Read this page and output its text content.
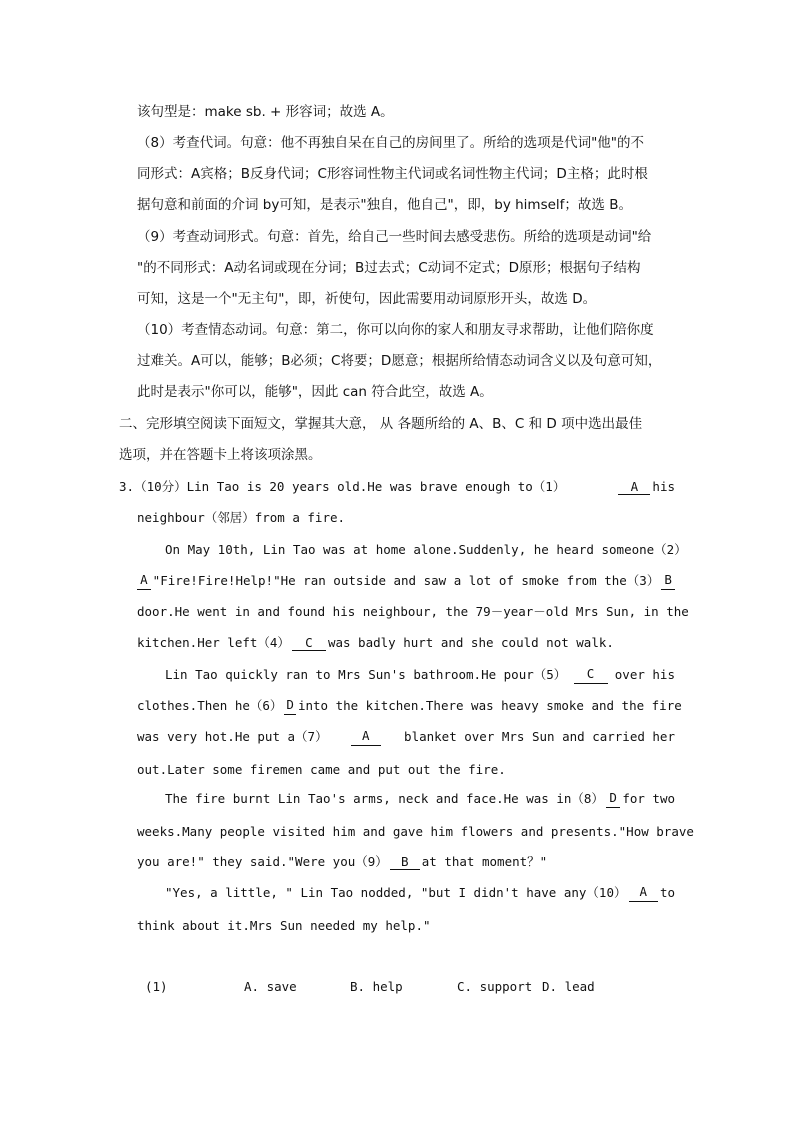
该句型是：make sb. + 形容词；故选 A。
（8）考查代词。句意：他不再独自呆在自己的房间里了。所给的选项是代词"他"的不
同形式：A宾格；B反身代词；C形容词性物主代词或名词性物主代词；D主格；此时根
据句意和前面的介词 by可知，是表示"独自，他自己"，即，by himself；故选 B。
（9）考查动词形式。句意：首先，给自己一些时间去感受悲伤。所给的选项是动词"给
"的不同形式：A动名词或现在分词；B过去式；C动词不定式；D原形；根据句子结构
可知，这是一个"无主句"，即，祈使句，因此需要用动词原形开头，故选 D。
（10）考查情态动词。句意：第二，你可以向你的家人和朋友寻求帮助，让他们陪你度
过难关。A可以，能够；B必须；C将要；D愿意；根据所给情态动词含义以及句意可知，
此时是表示"你可以，能够"，因此 can 符合此空，故选 A。
二、完形填空阅读下面短文，掌握其大意， 从 各题所给的 A、B、C 和 D 项中选出最佳
选项，并在答题卡上将该项涂黑。
3.（10分）Lin Tao is 20 years old.He was brave enough to（1）	A his
neighbour（邻居）from a fire.
On May 10th, Lin Tao was at home alone.Suddenly, he heard someone（2）
A "Fire!Fire!Help!"He ran outside and saw a lot of smoke from the（3） B
door.He went in and found his neighbour, the 79－year－old Mrs Sun, in the
kitchen.Her left（4） C was badly hurt and she could not walk.
Lin Tao quickly ran to Mrs Sun's bathroom.He pour（5）	C	over his
clothes.Then he（6） D into the kitchen.There was heavy smoke and the fire
was very hot.He put a（7）	A	blanket over Mrs Sun and carried her
out.Later some firemen came and put out the fire.
The fire burnt Lin Tao's arms, neck and face.He was in（8） D for two
weeks.Many people visited him and gave him flowers and presents."How brave
you are!" they said."Were you（9） B at that moment？"
"Yes, a little, " Lin Tao nodded, "but I didn't have any（10）	A	to
think about it.Mrs Sun needed my help."
(1)	A. save	B. help	C. support D. lead
